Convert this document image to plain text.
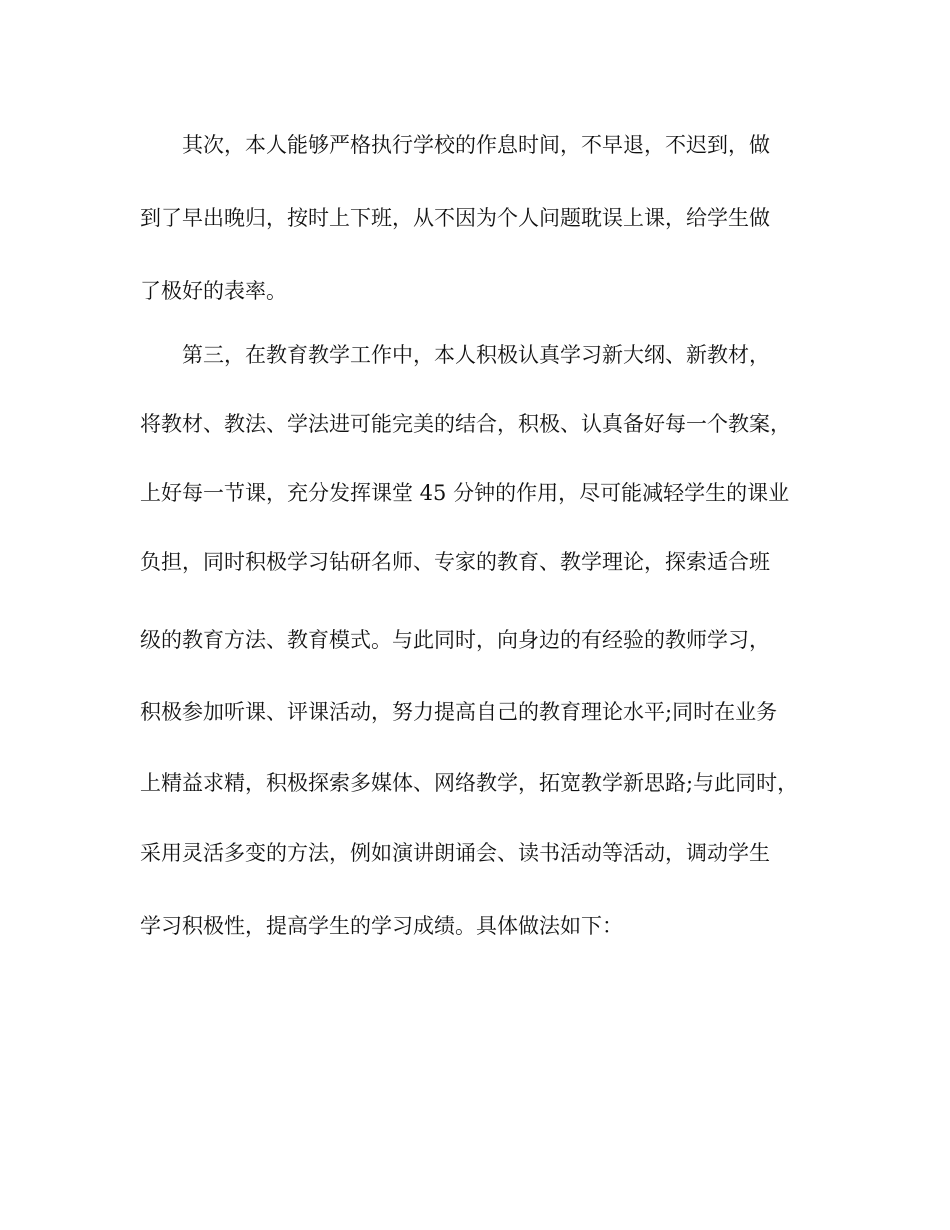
其次，本人能够严格执行学校的作息时间，不早退，不迟到，做
到了早出晚归，按时上下班，从不因为个人问题耽误上课，给学生做
了极好的表率。
第三，在教育教学工作中，本人积极认真学习新大纲、新教材，
将教材、教法、学法进可能完美的结合，积极、认真备好每一个教案，
上好每一节课，充分发挥课堂 45 分钟的作用，尽可能减轻学生的课业
负担，同时积极学习钻研名师、专家的教育、教学理论，探索适合班
级的教育方法、教育模式。与此同时，向身边的有经验的教师学习，
积极参加听课、评课活动，努力提高自己的教育理论水平;同时在业务
上精益求精，积极探索多媒体、网络教学，拓宽教学新思路;与此同时，
采用灵活多变的方法，例如演讲朗诵会、读书活动等活动，调动学生
学习积极性，提高学生的学习成绩。具体做法如下：
